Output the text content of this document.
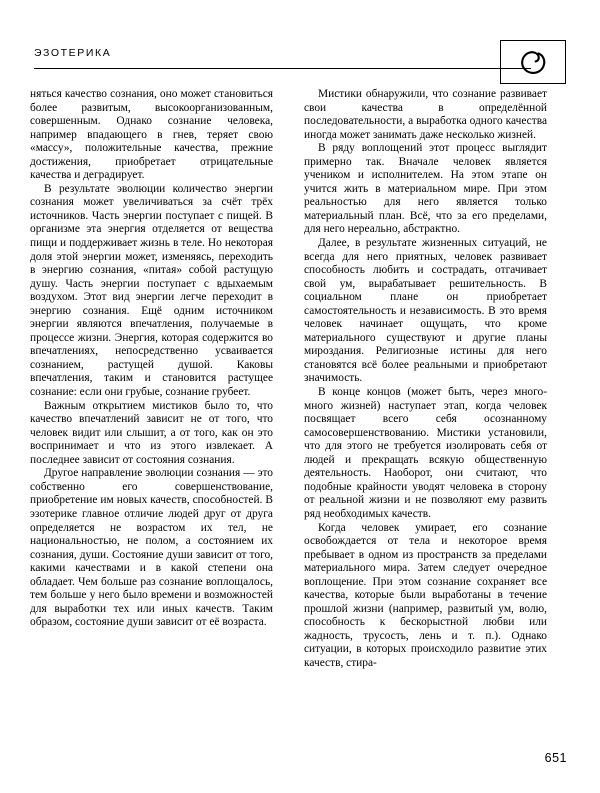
ЭЗОТЕРИКА

няться качество сознания, оно может становиться более развитым, высокоорганизованным, совершенным. Однако сознание человека, например впадающего в гнев, теряет свою «массу», положительные качества, прежние достижения, приобретает отрицательные качества и деградирует.

В результате эволюции количество энергии сознания может увеличиваться за счёт трёх источников. Часть энергии поступает с пищей. В организме эта энергия отделяется от вещества пищи и поддерживает жизнь в теле. Но некоторая доля этой энергии может, изменяясь, переходить в энергию сознания, «питая» собой растущую душу. Часть энергии поступает с вдыхаемым воздухом. Этот вид энергии легче переходит в энергию сознания. Ещё одним источником энергии являются впечатления, получаемые в процессе жизни. Энергия, которая содержится во впечатлениях, непосредственно усваивается сознанием, растущей душой. Каковы впечатления, таким и становится растущее сознание: если они грубые, сознание грубеет.

Важным открытием мистиков было то, что качество впечатлений зависит не от того, что человек видит или слышит, а от того, как он это воспринимает и что из этого извлекает. А последнее зависит от состояния сознания.

Другое направление эволюции сознания — это собственно его совершенствование, приобретение им новых качеств, способностей. В эзотерике главное отличие людей друг от друга определяется не возрастом их тел, не национальностью, не полом, а состоянием их сознания, души. Состояние души зависит от того, какими качествами и в какой степени она обладает. Чем больше раз сознание воплощалось, тем больше у него было времени и возможностей для выработки тех или иных качеств. Таким образом, состояние души зависит от её возраста.

Мистики обнаружили, что сознание развивает свои качества в определённой последовательности, а выработка одного качества иногда может занимать даже несколько жизней.

В ряду воплощений этот процесс выглядит примерно так. Вначале человек является учеником и исполнителем. На этом этапе он учится жить в материальном мире. При этом реальностью для него является только материальный план. Всё, что за его пределами, для него нереально, абстрактно.

Далее, в результате жизненных ситуаций, не всегда для него приятных, человек развивает способность любить и сострадать, отгачивает свой ум, вырабатывает решительность. В социальном плане он приобретает самостоятельность и независимость. В это время человек начинает ощущать, что кроме материального существуют и другие планы мироздания. Религиозные истины для него становятся всё более реальными и приобретают значимость.

В конце концов (может быть, через много-много жизней) наступает этап, когда человек посвящает всего себя осознанному самосовершенствованию. Мистики установили, что для этого не требуется изолировать себя от людей и прекращать всякую общественную деятельность. Наоборот, они считают, что подобные крайности уводят человека в сторону от реальной жизни и не позволяют ему развить ряд необходимых качеств.

Когда человек умирает, его сознание освобождается от тела и некоторое время пребывает в одном из пространств за пределами материального мира. Затем следует очередное воплощение. При этом сознание сохраняет все качества, которые были выработаны в течение прошлой жизни (например, развитый ум, волю, способность к бескорыстной любви или жадность, трусость, лень и т. п.). Однако ситуации, в которых происходило развитие этих качеств, стира-

651
